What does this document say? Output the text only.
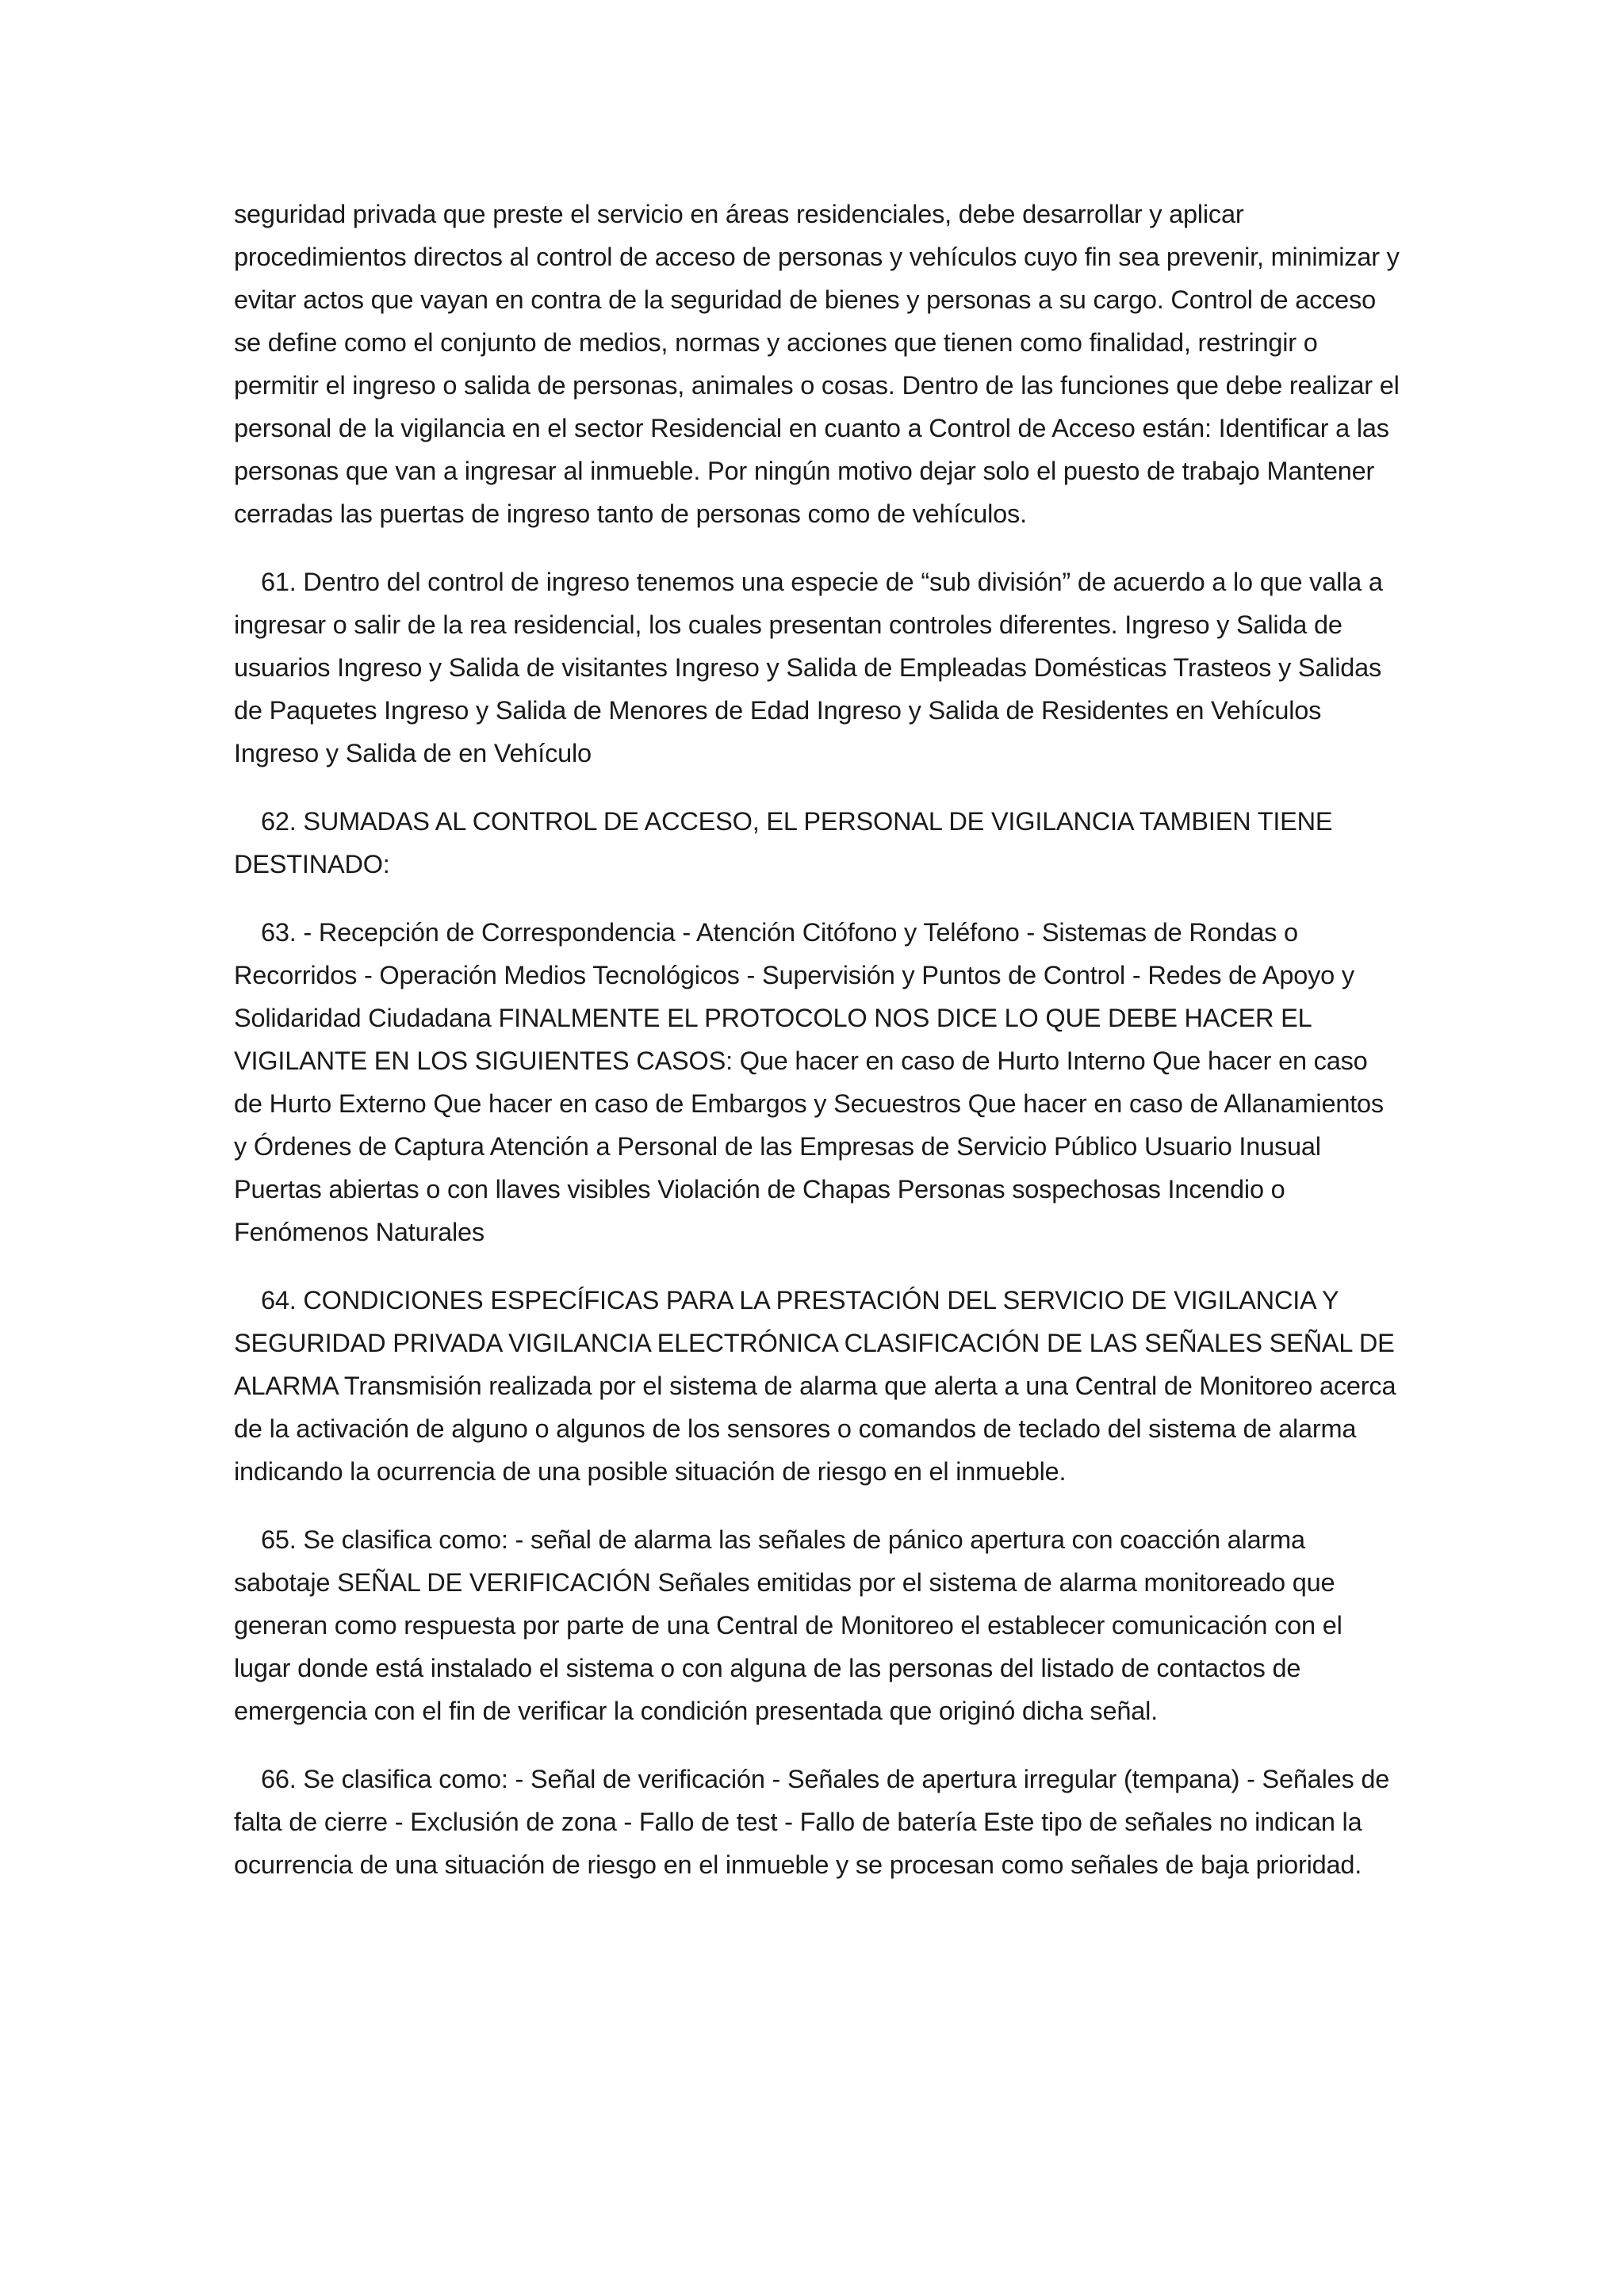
seguridad privada que preste el servicio en áreas residenciales, debe desarrollar y aplicar procedimientos directos al control de acceso de personas y vehículos cuyo fin sea prevenir, minimizar y evitar actos que vayan en contra de la seguridad de bienes y personas a su cargo. Control de acceso se define como el conjunto de medios, normas y acciones que tienen como finalidad, restringir o permitir el ingreso o salida de personas, animales o cosas. Dentro de las funciones que debe realizar el personal de la vigilancia en el sector Residencial en cuanto a Control de Acceso están: Identificar a las personas que van a ingresar al inmueble. Por ningún motivo dejar solo el puesto de trabajo Mantener cerradas las puertas de ingreso tanto de personas como de vehículos.

61. Dentro del control de ingreso tenemos una especie de “sub división” de acuerdo a lo que valla a ingresar o salir de la rea residencial, los cuales presentan controles diferentes. Ingreso y Salida de usuarios Ingreso y Salida de visitantes Ingreso y Salida de Empleadas Domésticas Trasteos y Salidas de Paquetes Ingreso y Salida de Menores de Edad Ingreso y Salida de Residentes en Vehículos Ingreso y Salida de en Vehículo

62. SUMADAS AL CONTROL DE ACCESO, EL PERSONAL DE VIGILANCIA TAMBIEN TIENE DESTINADO:

63. - Recepción de Correspondencia - Atención Citófono y Teléfono - Sistemas de Rondas o Recorridos - Operación Medios Tecnológicos - Supervisión y Puntos de Control - Redes de Apoyo y Solidaridad Ciudadana FINALMENTE EL PROTOCOLO NOS DICE LO QUE DEBE HACER EL VIGILANTE EN LOS SIGUIENTES CASOS: Que hacer en caso de Hurto Interno Que hacer en caso de Hurto Externo Que hacer en caso de Embargos y Secuestros Que hacer en caso de Allanamientos y Órdenes de Captura Atención a Personal de las Empresas de Servicio Público Usuario Inusual Puertas abiertas o con llaves visibles Violación de Chapas Personas sospechosas Incendio o Fenómenos Naturales

64. CONDICIONES ESPECÍFICAS PARA LA PRESTACIÓN DEL SERVICIO DE VIGILANCIA Y SEGURIDAD PRIVADA VIGILANCIA ELECTRÓNICA CLASIFICACIÓN DE LAS SEÑALES SEÑAL DE ALARMA Transmisión realizada por el sistema de alarma que alerta a una Central de Monitoreo acerca de la activación de alguno o algunos de los sensores o comandos de teclado del sistema de alarma indicando la ocurrencia de una posible situación de riesgo en el inmueble.

65. Se clasifica como: - señal de alarma las señales de pánico apertura con coacción alarma sabotaje SEÑAL DE VERIFICACIÓN Señales emitidas por el sistema de alarma monitoreado que generan como respuesta por parte de una Central de Monitoreo el establecer comunicación con el lugar donde está instalado el sistema o con alguna de las personas del listado de contactos de emergencia con el fin de verificar la condición presentada que originó dicha señal.

66. Se clasifica como: - Señal de verificación - Señales de apertura irregular (tempana) - Señales de falta de cierre - Exclusión de zona - Fallo de test - Fallo de batería Este tipo de señales no indican la ocurrencia de una situación de riesgo en el inmueble y se procesan como señales de baja prioridad.
